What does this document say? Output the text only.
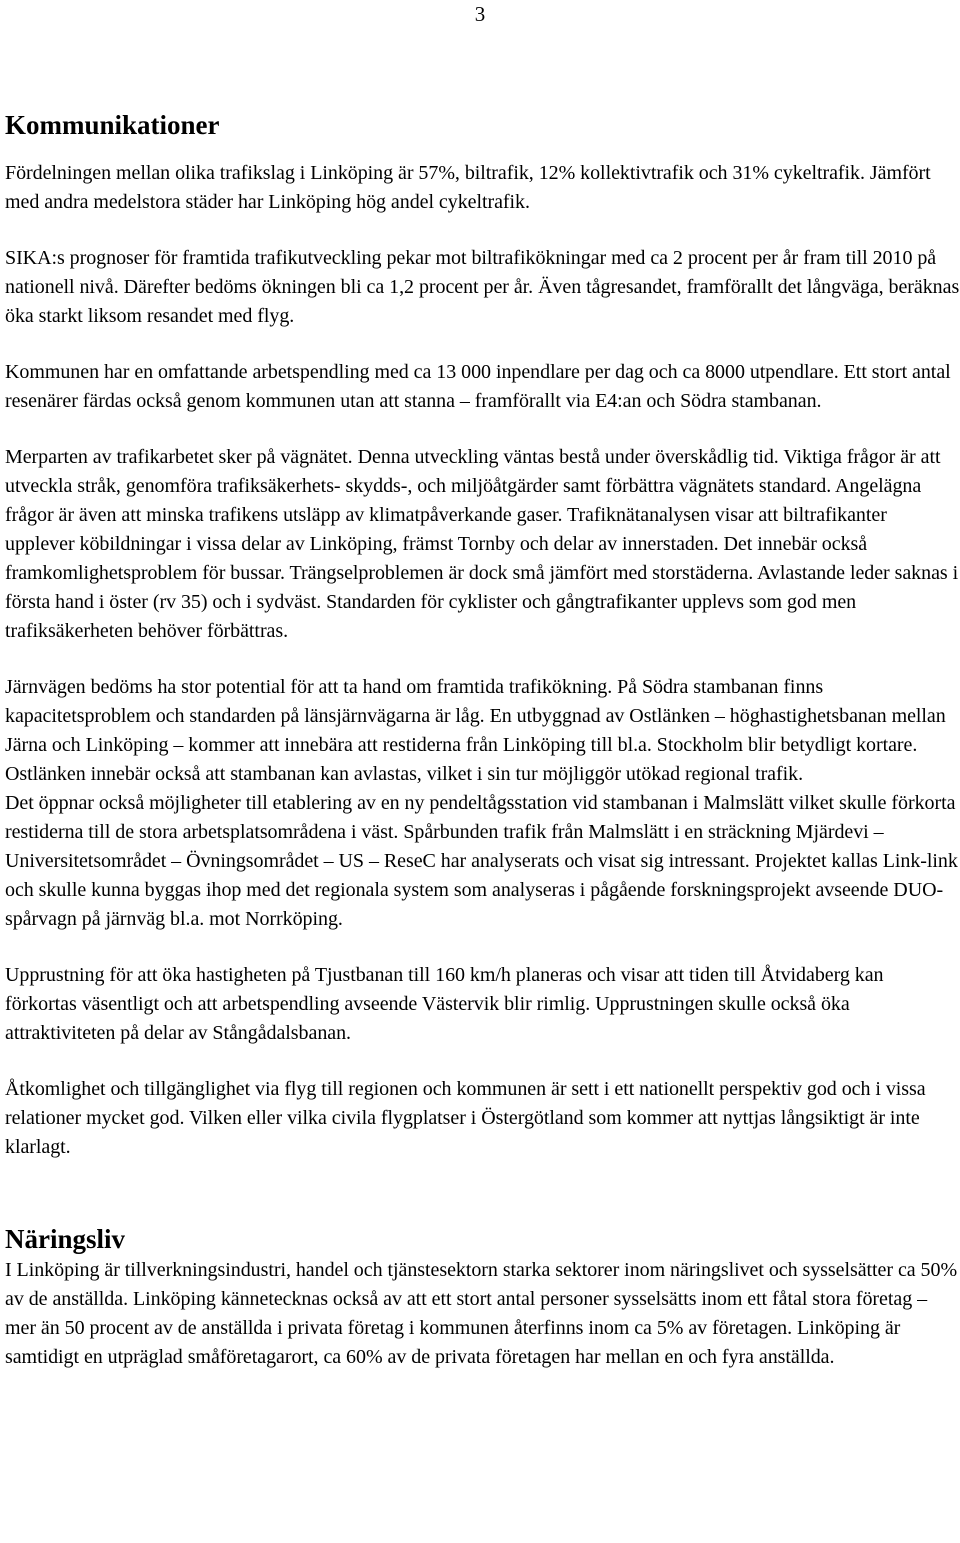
3
Kommunikationer

Fördelningen mellan olika trafikslag i Linköping är 57%, biltrafik, 12% kollektivtrafik och 31% cykeltrafik. Jämfört med andra medelstora städer har Linköping hög andel cykeltrafik.

SIKA:s prognoser för framtida trafikutveckling pekar mot biltrafikökningar med ca 2 procent per år fram till 2010 på nationell nivå. Därefter bedöms ökningen bli ca 1,2 procent per år. Även tågresandet, framförallt det långväga, beräknas öka starkt liksom resandet med flyg.

Kommunen har en omfattande arbetspendling med ca 13 000 inpendlare per dag och ca 8000 utpendlare. Ett stort antal resenärer färdas också genom kommunen utan att stanna – framförallt via E4:an och Södra stambanan.

Merparten av trafikarbetet sker på vägnätet. Denna utveckling väntas bestå under överskådlig tid. Viktiga frågor är att utveckla stråk, genomföra trafiksäkerhets- skydds-, och miljöåtgärder samt förbättra vägnätets standard. Angelägna frågor är även att minska trafikens utsläpp av klimatpåverkande gaser. Trafiknätanalysen visar att biltrafikanter upplever köbildningar i vissa delar av Linköping, främst Tornby och delar av innerstaden. Det innebär också framkomlighetsproblem för bussar. Trängselproblemen är dock små jämfört med storstäderna. Avlastande leder saknas i första hand i öster (rv 35) och i sydväst. Standarden för cyklister och gångtrafikanter upplevs som god men trafiksäkerheten behöver förbättras.

Järnvägen bedöms ha stor potential för att ta hand om framtida trafikökning. På Södra stambanan finns kapacitetsproblem och standarden på länsjärnvägarna är låg. En utbyggnad av Ostlänken – höghastighetsbanan mellan Järna och Linköping – kommer att innebära att restiderna från Linköping till bl.a. Stockholm blir betydligt kortare. Ostlänken innebär också att stambanan kan avlastas, vilket i sin tur möjliggör utökad regional trafik.

Det öppnar också möjligheter till etablering av en ny pendeltågsstation vid stambanan i Malmslätt vilket skulle förkorta restiderna till de stora arbetsplatsområdena i väst. Spårbunden trafik från Malmslätt i en sträckning Mjärdevi – Universitetsområdet – Övningsområdet – US – ReseC har analyserats och visat sig intressant. Projektet kallas Link-link och skulle kunna byggas ihop med det regionala system som analyseras i pågående forskningsprojekt avseende DUO-spårvagn på järnväg bl.a. mot Norrköping.

Upprustning för att öka hastigheten på Tjustbanan till 160 km/h planeras och visar att tiden till Åtvidaberg kan förkortas väsentligt och att arbetspendling avseende Västervik blir rimlig. Upprustningen skulle också öka attraktiviteten på delar av Stångådalsbanan.

Åtkomlighet och tillgänglighet via flyg till regionen och kommunen är sett i ett nationellt perspektiv god och i vissa relationer mycket god. Vilken eller vilka civila flygplatser i Östergötland som kommer att nyttjas långsiktigt är inte klarlagt.

Näringsliv

I Linköping är tillverkningsindustri, handel och tjänstesektorn starka sektorer inom näringslivet och sysselsätter ca 50% av de anställda. Linköping kännetecknas också av att ett stort antal personer sysselsätts inom ett fåtal stora företag – mer än 50 procent av de anställda i privata företag i kommunen återfinns inom ca 5% av företagen. Linköping är samtidigt en utpräglad småföretagarort, ca 60% av de privata företagen har mellan en och fyra anställda.
